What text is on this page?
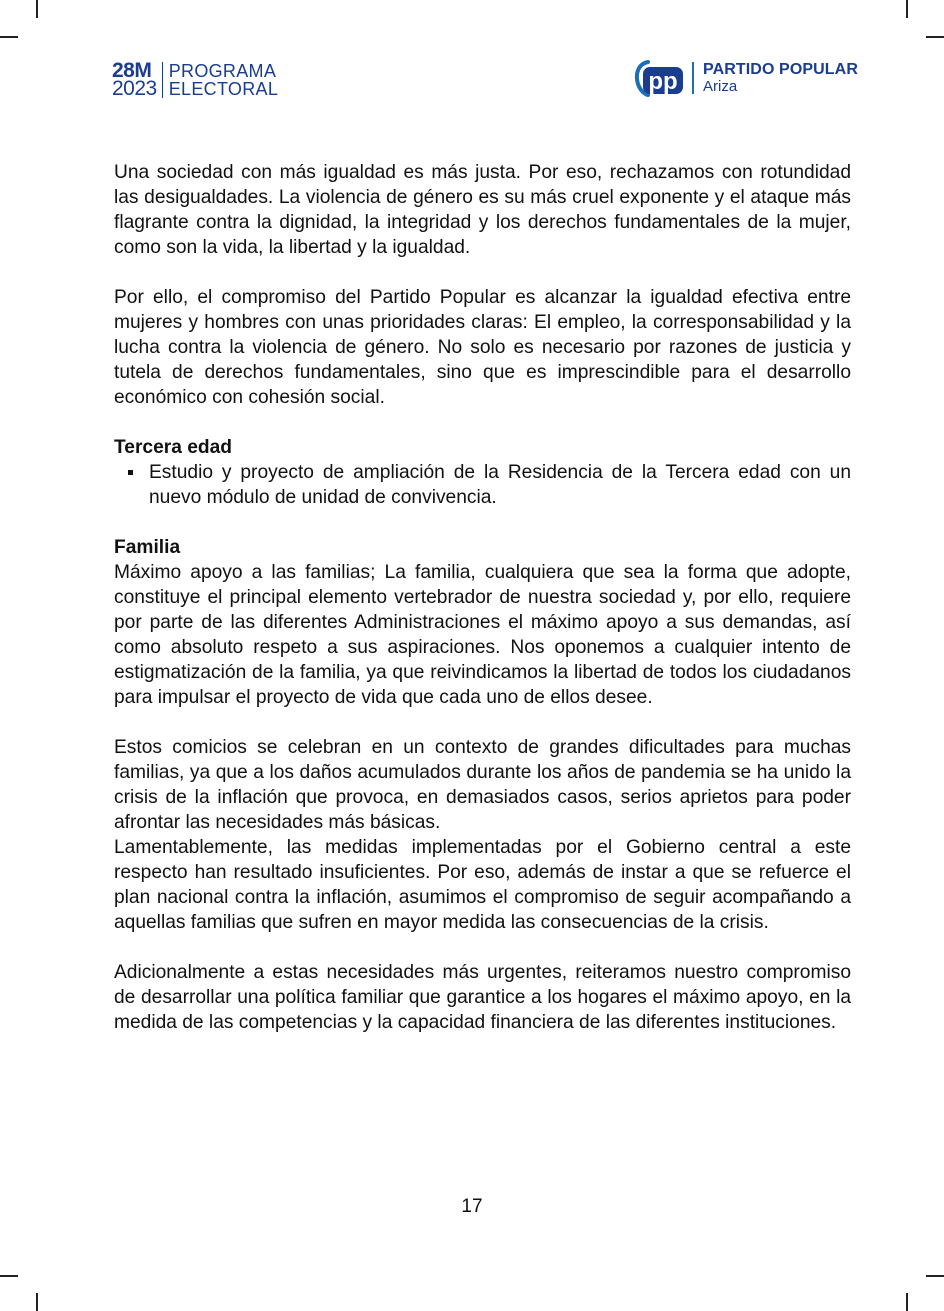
28M
2023
PROGRAMA
ELECTORAL	pp PARTIDO POPULAR
Ariza

Una sociedad con más igualdad es más justa. Por eso, rechazamos con rotundidad las desigualdades. La violencia de género es su más cruel exponente y el ataque más flagrante contra la dignidad, la integridad y los derechos fundamentales de la mujer, como son la vida, la libertad y la igualdad.

Por ello, el compromiso del Partido Popular es alcanzar la igualdad efectiva entre mujeres y hombres con unas prioridades claras: El empleo, la corresponsabilidad y la lucha contra la violencia de género. No solo es necesario por razones de justicia y tutela de derechos fundamentales, sino que es imprescindible para el desarrollo económico con cohesión social.

Tercera edad

Estudio y proyecto de ampliación de la Residencia de la Tercera edad con un nuevo módulo de unidad de convivencia.

Familia

Máximo apoyo a las familias; La familia, cualquiera que sea la forma que adopte, constituye el principal elemento vertebrador de nuestra sociedad y, por ello, requiere por parte de las diferentes Administraciones el máximo apoyo a sus demandas, así como absoluto respeto a sus aspiraciones. Nos oponemos a cualquier intento de estigmatización de la familia, ya que reivindicamos la libertad de todos los ciudadanos para impulsar el proyecto de vida que cada uno de ellos desee.

Estos comicios se celebran en un contexto de grandes dificultades para muchas familias, ya que a los daños acumulados durante los años de pandemia se ha unido la crisis de la inflación que provoca, en demasiados casos, serios aprietos para poder afrontar las necesidades más básicas.

Lamentablemente, las medidas implementadas por el Gobierno central a este respecto han resultado insuficientes. Por eso, además de instar a que se refuerce el plan nacional contra la inflación, asumimos el compromiso de seguir acompañando a aquellas familias que sufren en mayor medida las consecuencias de la crisis.

Adicionalmente a estas necesidades más urgentes, reiteramos nuestro compromiso de desarrollar una política familiar que garantice a los hogares el máximo apoyo, en la medida de las competencias y la capacidad financiera de las diferentes instituciones.

17
